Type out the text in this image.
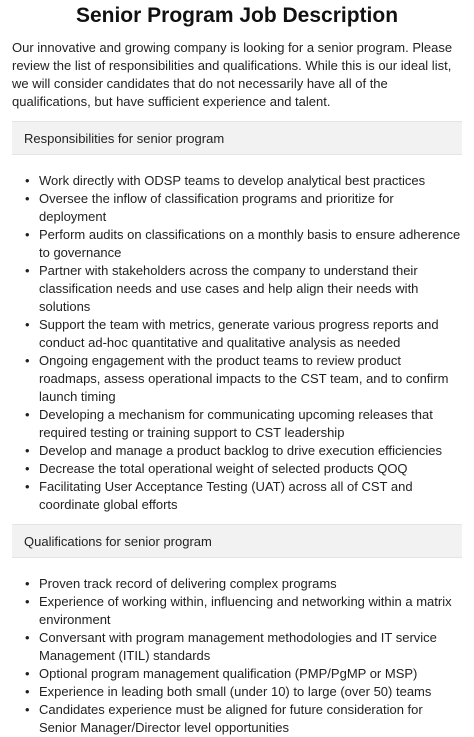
Senior Program Job Description

Our innovative and growing company is looking for a senior program. Please review the list of responsibilities and qualifications. While this is our ideal list, we will consider candidates that do not necessarily have all of the qualifications, but have sufficient experience and talent.

Responsibilities for senior program
• Work directly with ODSP teams to develop analytical best practices
• Oversee the inflow of classification programs and prioritize for deployment
• Perform audits on classifications on a monthly basis to ensure adherence to governance
• Partner with stakeholders across the company to understand their classification needs and use cases and help align their needs with solutions
• Support the team with metrics, generate various progress reports and conduct ad-hoc quantitative and qualitative analysis as needed
• Ongoing engagement with the product teams to review product roadmaps, assess operational impacts to the CST team, and to confirm launch timing
• Developing a mechanism for communicating upcoming releases that required testing or training support to CST leadership
• Develop and manage a product backlog to drive execution efficiencies
• Decrease the total operational weight of selected products QOQ
• Facilitating User Acceptance Testing (UAT) across all of CST and coordinate global efforts
Qualifications for senior program
• Proven track record of delivering complex programs
• Experience of working within, influencing and networking within a matrix environment
• Conversant with program management methodologies and IT service Management (ITIL) standards
• Optional program management qualification (PMP/PgMP or MSP)
• Experience in leading both small (under 10) to large (over 50) teams
• Candidates experience must be aligned for future consideration for Senior Manager/Director level opportunities
